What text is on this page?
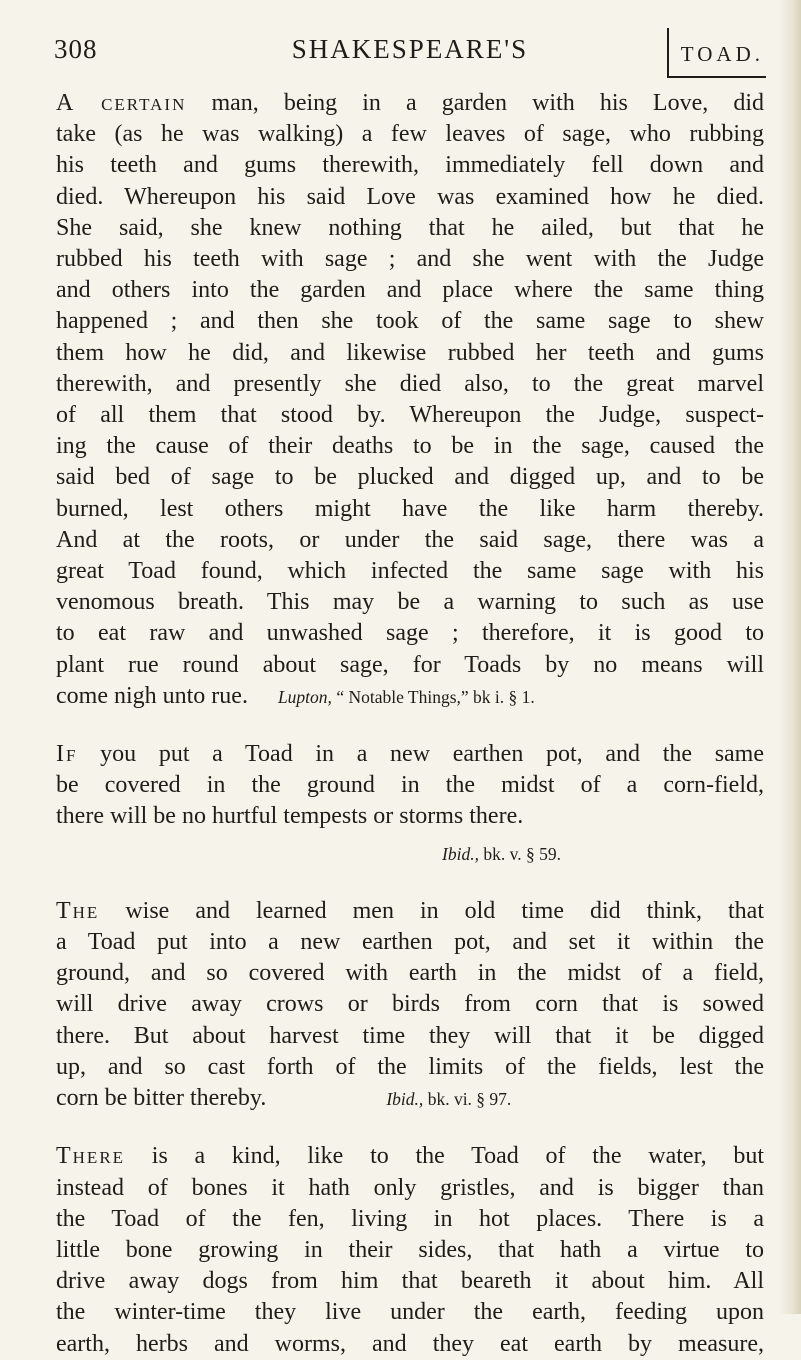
308	SHAKESPEARE'S	TOAD.
A certain man, being in a garden with his Love, did
take (as he was walking) a few leaves of sage, who rubbing
his teeth and gums therewith, immediately fell down and
died. Whereupon his said Love was examined how he died.
She said, she knew nothing that he ailed, but that he
rubbed his teeth with sage ; and she went with the Judge
and others into the garden and place where the same thing
happened ; and then she took of the same sage to shew
them how he did, and likewise rubbed her teeth and gums
therewith, and presently she died also, to the great marvel
of all them that stood by. Whereupon the Judge, suspect-
ing the cause of their deaths to be in the sage, caused the
said bed of sage to be plucked and digged up, and to be
burned, lest others might have the like harm thereby.
And at the roots, or under the said sage, there was a
great Toad found, which infected the same sage with his
venomous breath. This may be a warning to such as use
to eat raw and unwashed sage ; therefore, it is good to
plant rue round about sage, for Toads by no means will
come nigh unto rue. Lupton, “ Notable Things,” bk i. § 1.
If you put a Toad in a new earthen pot, and the same
be covered in the ground in the midst of a corn-field,
there will be no hurtful tempests or storms there.
Ibid., bk. v. § 59.
The wise and learned men in old time did think, that
a Toad put into a new earthen pot, and set it within the
ground, and so covered with earth in the midst of a field,
will drive away crows or birds from corn that is sowed
there. But about harvest time they will that it be digged
up, and so cast forth of the limits of the fields, lest the
corn be bitter thereby.	Ibid., bk. vi. § 97.
There is a kind, like to the Toad of the water, but
instead of bones it hath only gristles, and is bigger than
the Toad of the fen, living in hot places. There is a
little bone growing in their sides, that hath a virtue to
drive away dogs from him that beareth it about him. All
the winter-time they live under the earth, feeding upon
earth, herbs and worms, and they eat earth by measure,
